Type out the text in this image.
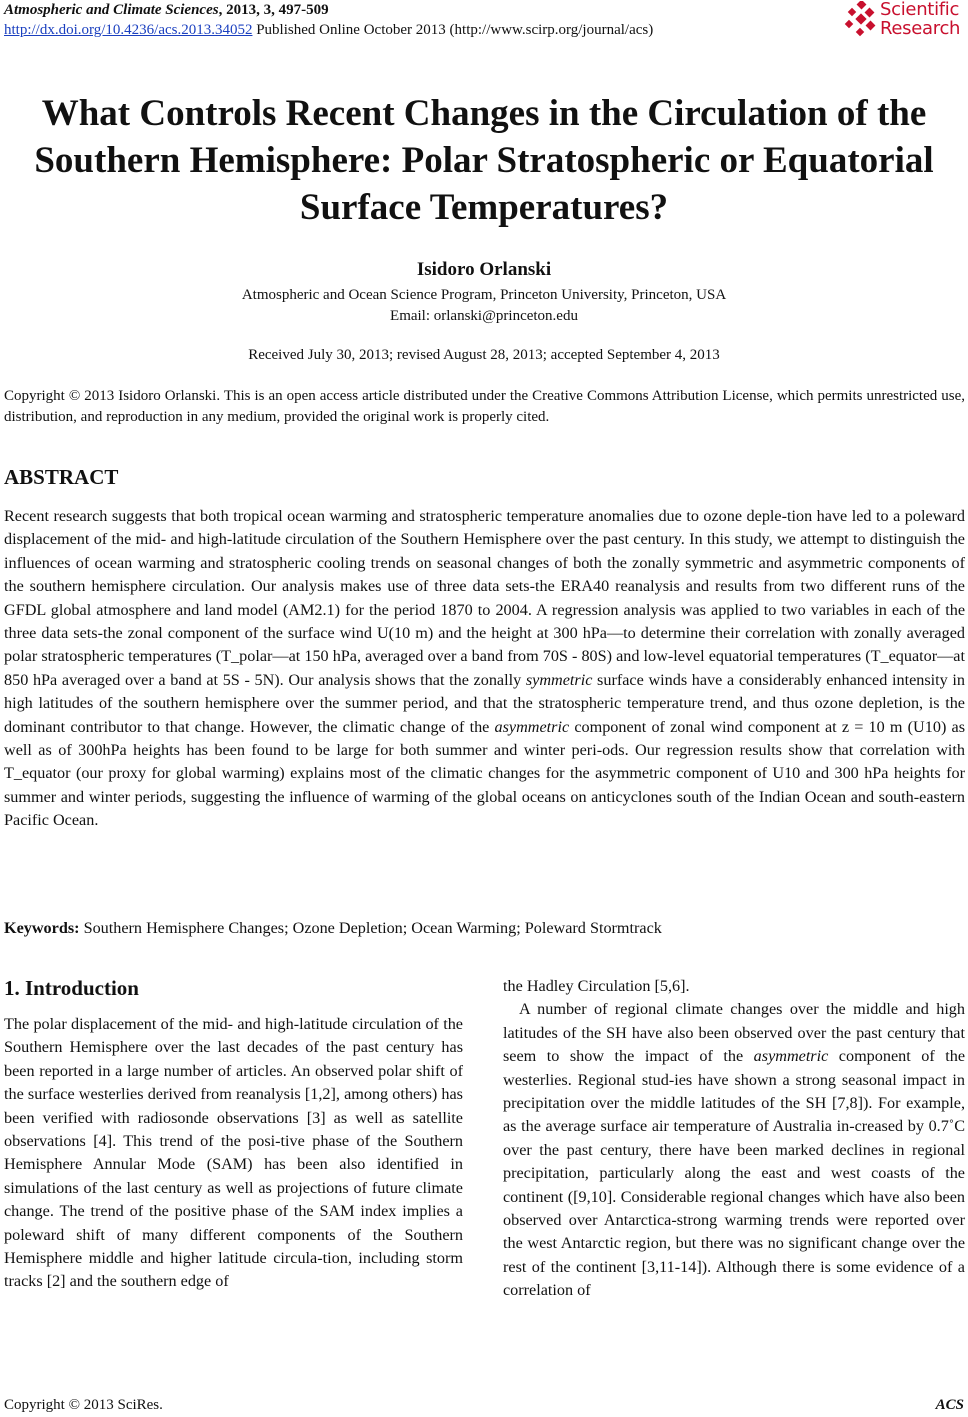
Atmospheric and Climate Sciences, 2013, 3, 497-509
http://dx.doi.org/10.4236/acs.2013.34052 Published Online October 2013 (http://www.scirp.org/journal/acs)
Scientific
Research
What Controls Recent Changes in the Circulation of the
Southern Hemisphere: Polar Stratospheric or Equatorial
Surface Temperatures?
Isidoro Orlanski
Atmospheric and Ocean Science Program, Princeton University, Princeton, USA
Email: orlanski@princeton.edu
Received July 30, 2013; revised August 28, 2013; accepted September 4, 2013
Copyright © 2013 Isidoro Orlanski. This is an open access article distributed under the Creative Commons Attribution License, which permits unrestricted use, distribution, and reproduction in any medium, provided the original work is properly cited.
ABSTRACT
Recent research suggests that both tropical ocean warming and stratospheric temperature anomalies due to ozone deple-tion have led to a poleward displacement of the mid- and high-latitude circulation of the Southern Hemisphere over the past century. In this study, we attempt to distinguish the influences of ocean warming and stratospheric cooling trends on seasonal changes of both the zonally symmetric and asymmetric components of the southern hemisphere circulation. Our analysis makes use of three data sets-the ERA40 reanalysis and results from two different runs of the GFDL global atmosphere and land model (AM2.1) for the period 1870 to 2004. A regression analysis was applied to two variables in each of the three data sets-the zonal component of the surface wind U(10 m) and the height at 300 hPa—to determine their correlation with zonally averaged polar stratospheric temperatures (T_polar—at 150 hPa, averaged over a band from 70S - 80S) and low-level equatorial temperatures (T_equator—at 850 hPa averaged over a band at 5S - 5N). Our analysis shows that the zonally symmetric surface winds have a considerably enhanced intensity in high latitudes of the southern hemisphere over the summer period, and that the stratospheric temperature trend, and thus ozone depletion, is the dominant contributor to that change. However, the climatic change of the asymmetric component of zonal wind component at z = 10 m (U10) as well as of 300hPa heights has been found to be large for both summer and winter peri-ods. Our regression results show that correlation with T_equator (our proxy for global warming) explains most of the climatic changes for the asymmetric component of U10 and 300 hPa heights for summer and winter periods, suggesting the influence of warming of the global oceans on anticyclones south of the Indian Ocean and south-eastern Pacific Ocean.
Keywords: Southern Hemisphere Changes; Ozone Depletion; Ocean Warming; Poleward Stormtrack
1. Introduction
The polar displacement of the mid- and high-latitude circulation of the Southern Hemisphere over the last decades of the past century has been reported in a large number of articles. An observed polar shift of the surface westerlies derived from reanalysis [1,2], among others) has been verified with radiosonde observations [3] as well as satellite observations [4]. This trend of the posi-tive phase of the Southern Hemisphere Annular Mode (SAM) has been also identified in simulations of the last century as well as projections of future climate change. The trend of the positive phase of the SAM index implies a poleward shift of many different components of the Southern Hemisphere middle and higher latitude circula-tion, including storm tracks [2] and the southern edge of

the Hadley Circulation [5,6].

A number of regional climate changes over the middle and high latitudes of the SH have also been observed over the past century that seem to show the impact of the asymmetric component of the westerlies. Regional stud-ies have shown a strong seasonal impact in precipitation over the middle latitudes of the SH [7,8]). For example, as the average surface air temperature of Australia in-creased by 0.7˚C over the past century, there have been marked declines in regional precipitation, particularly along the east and west coasts of the continent ([9,10]. Considerable regional changes which have also been observed over Antarctica-strong warming trends were reported over the west Antarctic region, but there was no significant change over the rest of the continent [3,11-14]). Although there is some evidence of a correlation of

Copyright © 2013 SciRes.	ACS
